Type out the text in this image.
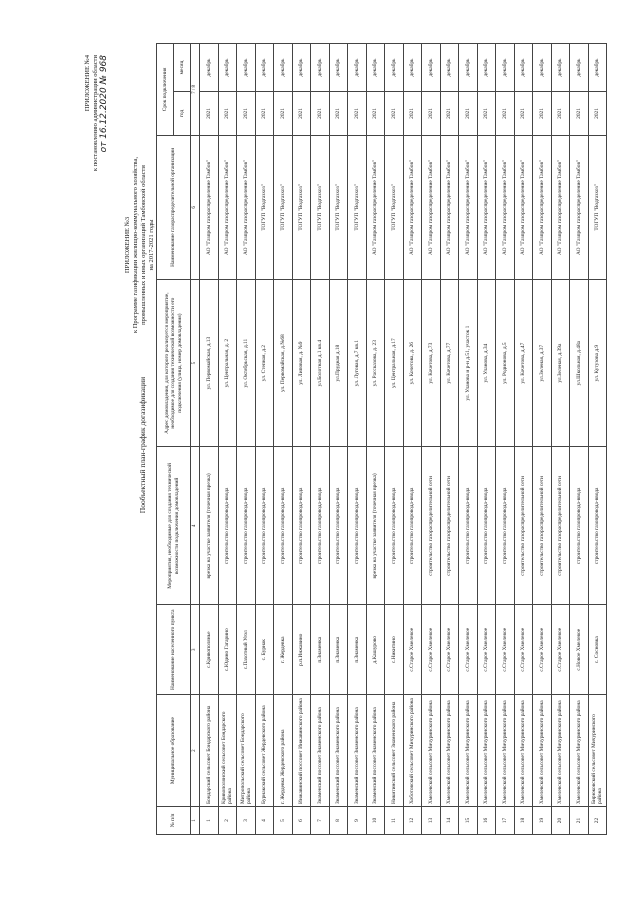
ПРИЛОЖЕНИЕ №4 к постановлению администрации области от 16.12.2020 № 968
ПРИЛОЖЕНИЕ №3 к Программе газификации жилищно-коммунального хозяйства, промышленных и иных организаций Тамбовской области на 2017-2021 годы
Пообъектный план-график догазификации
№ п/п	Муниципальное образование	Наименование населенного пункта	Мероприятия, необходимые для создания технической возможности подключения домовладений	Адрес домовладения, для которого реализуется мероприятие, необходимое для создания технической возможности его подключения (улица, номер домовладения)	Наименование газораспределительной организации	Срок подключения	
						год	месяц
1	2	3	4	5	6	7 / 8	
1	Бондарский сельсовет Бондарского района	с.Кривополянье	врезка на участке заявителя (точечная врезка)	ул. Первомайская, д.13	АО "Газпром газораспределение Тамбов"	2021	декабрь
2	Кривополянский сельсовет Бондарского района	с.Юдино Гагарино	строительство газопровода-ввода	ул. Центральная, д. 2	АО "Газпром газораспределение Тамбов"	2021	декабрь
3	Митропольский сельсовет Бондарского района	с.Пахотный Угол	строительство газопровода-ввода	ул. Октябрьская, д.11	АО "Газпром газораспределение Тамбов"	2021	декабрь
4	Бурнакский сельсовет Жердевского района	с. Бурнак	строительство газопровода-ввода	ул. Степная, д.2	ТОГУП "Водгазхоз"	2021	декабрь
5	г. Жердевка Жердевского района	г. Жердевка	строительство газопровода-ввода	ул. Первомайская, д.№68	ТОГУП "Водгазхоз"	2021	декабрь
6	Инжавинский поссовет Инжавинского района	р.п.Инжавино	строительство газопровода-ввода	ул. Липовая, д. №9	ТОГУП "Водгазхоз"	2021	декабрь
7	Знаменский поссовет Знаменского района	п.Знаменка	строительство газопровода-ввода	ул.Болотная д.1 кв.4	ТОГУП "Водгазхоз"	2021	декабрь
8	Знаменский поссовет Знаменского района	п.Знаменка	строительство газопровода-ввода	ул.Прудная д.18	ТОГУП "Водгазхоз"	2021	декабрь
9	Знаменский поссовет Знаменского района	п.Знаменка	строительство газопровода-ввода	ул. Луговая, д.7 кв.1	ТОГУП "Водгазхоз"	2021	декабрь
10	Знаменский поссовет Знаменского района	д.Кашурово	врезка на участке заявителя (точечная врезка)	ул. Рассказова, д. 23	АО "Газпром газораспределение Тамбов"	2021	декабрь
11	Никитинский сельсовет Знаменского района	с.Никитино	строительство газопровода-ввода	ул. Центральная, д.17	ТОГУП "Водгазхоз"	2021	декабрь
12	Хоботовский сельсовет Мичуринского района	с.Старое Хмелевое	строительство газопровода-ввода	ул. Кочетова, д. 26	АО "Газпром газораспределение Тамбов"	2021	декабрь
13	Хмелевской сельсовет Мичуринского района	с.Старое Хмелевое	строительство газораспределительной сети	ул. Кочетова, д.73	АО "Газпром газораспределение Тамбов"	2021	декабрь
14	Хмелевской сельсовет Мичуринского района	с.Старое Хмелевое	строительство газораспределительной сети	ул. Кочетова, д.77	АО "Газпром газораспределение Тамбов"	2021	декабрь
15	Хмелевской сельсовет Мичуринского района	с.Старое Хмелевое	строительство газопровода-ввода	ул. Уланова и р-н д.51, участок 1	АО "Газпром газораспределение Тамбов"	2021	декабрь
16	Хмелевской сельсовет Мичуринского района	с.Старое Хмелевое	строительство газопровода-ввода	ул. Уланова, д.34	АО "Газпром газораспределение Тамбов"	2021	декабрь
17	Хмелевской сельсовет Мичуринского района	с.Старое Хмелевое	строительство газопровода-ввода	ул. Родионова, д.5	АО "Газпром газораспределение Тамбов"	2021	декабрь
18	Хмелевской сельсовет Мичуринского района	с.Старое Хмелевое	строительство газораспределительной сети	ул. Кочетова, д.47	АО "Газпром газораспределение Тамбов"	2021	декабрь
19	Хмелевской сельсовет Мичуринского района	с.Старое Хмелевое	строительство газораспределительной сети	ул.Зеленая, д.37	АО "Газпром газораспределение Тамбов"	2021	декабрь
20	Хмелевской сельсовет Мичуринского района	с.Старое Хмелевое	строительство газораспределительной сети	ул.Зеленая, д.39а	АО "Газпром газораспределение Тамбов"	2021	декабрь
21	Хмелевской сельсовет Мичуринского района	с.Новое Хмелевое	строительство газопровода-ввода	ул.Школьная, д.48а	АО "Газпром газораспределение Тамбов"	2021	декабрь
22	Бирюковский сельсовет Мичуринского района	с. Сосновка	строительство газопровода-ввода	ул. Кутузова д.9	ТОГУП "Водгазхоз"	2021	декабрь
